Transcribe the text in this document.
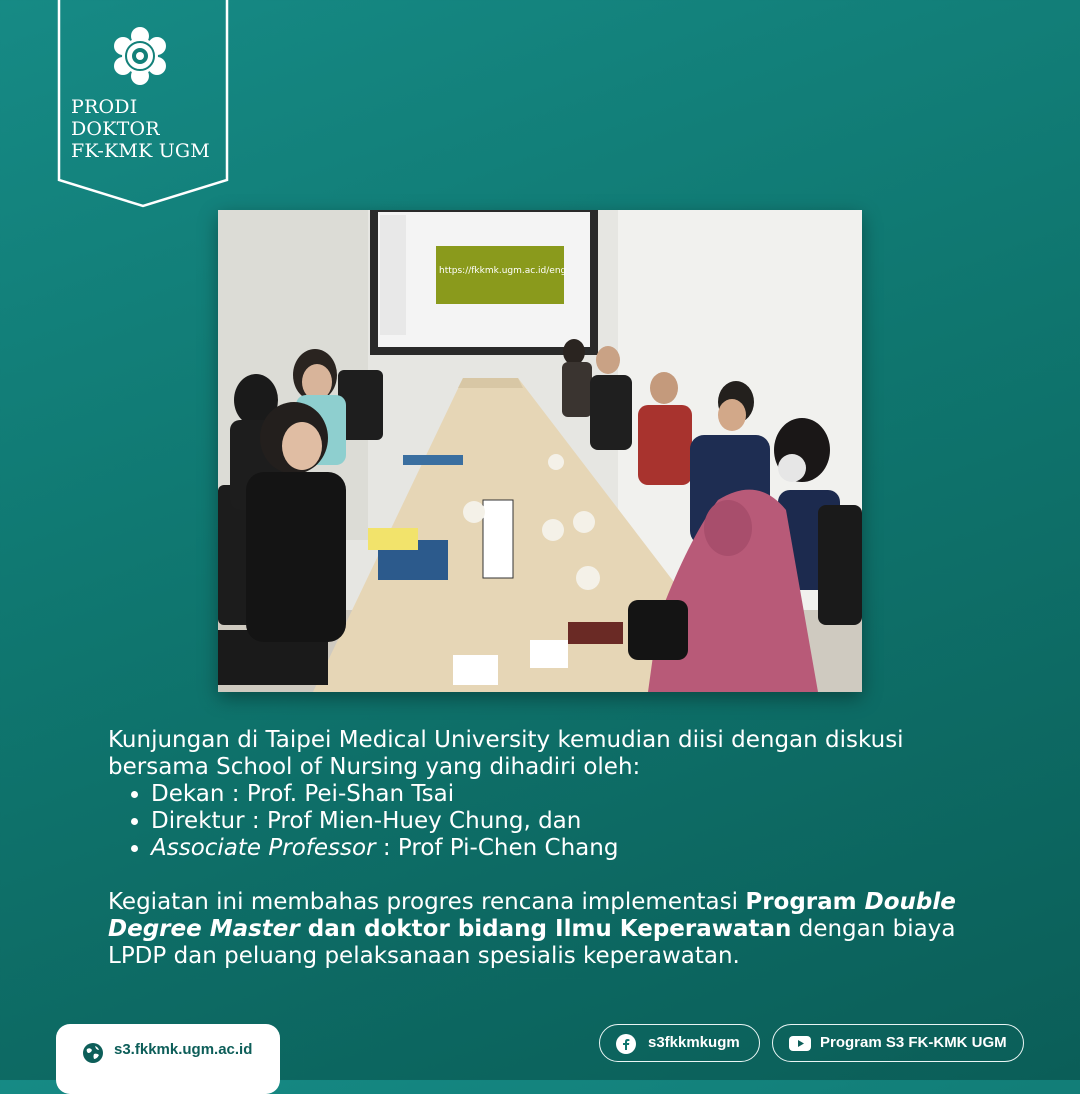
PRODI
DOKTOR
FK-KMK UGM
https://fkkmk.ugm.ac.id/eng

Kunjungan di Taipei Medical University kemudian diisi dengan diskusi bersama School of Nursing yang dihadiri oleh:

• Dekan : Prof. Pei-Shan Tsai
• Direktur : Prof Mien-Huey Chung, dan
• Associate Professor : Prof Pi-Chen Chang

Kegiatan ini membahas progres rencana implementasi Program Double Degree Master dan doktor bidang Ilmu Keperawatan dengan biaya LPDP dan peluang pelaksanaan spesialis keperawatan.

s3.fkkmk.ugm.ac.id	s3fkkmkugm	Program S3 FK-KMK UGM
